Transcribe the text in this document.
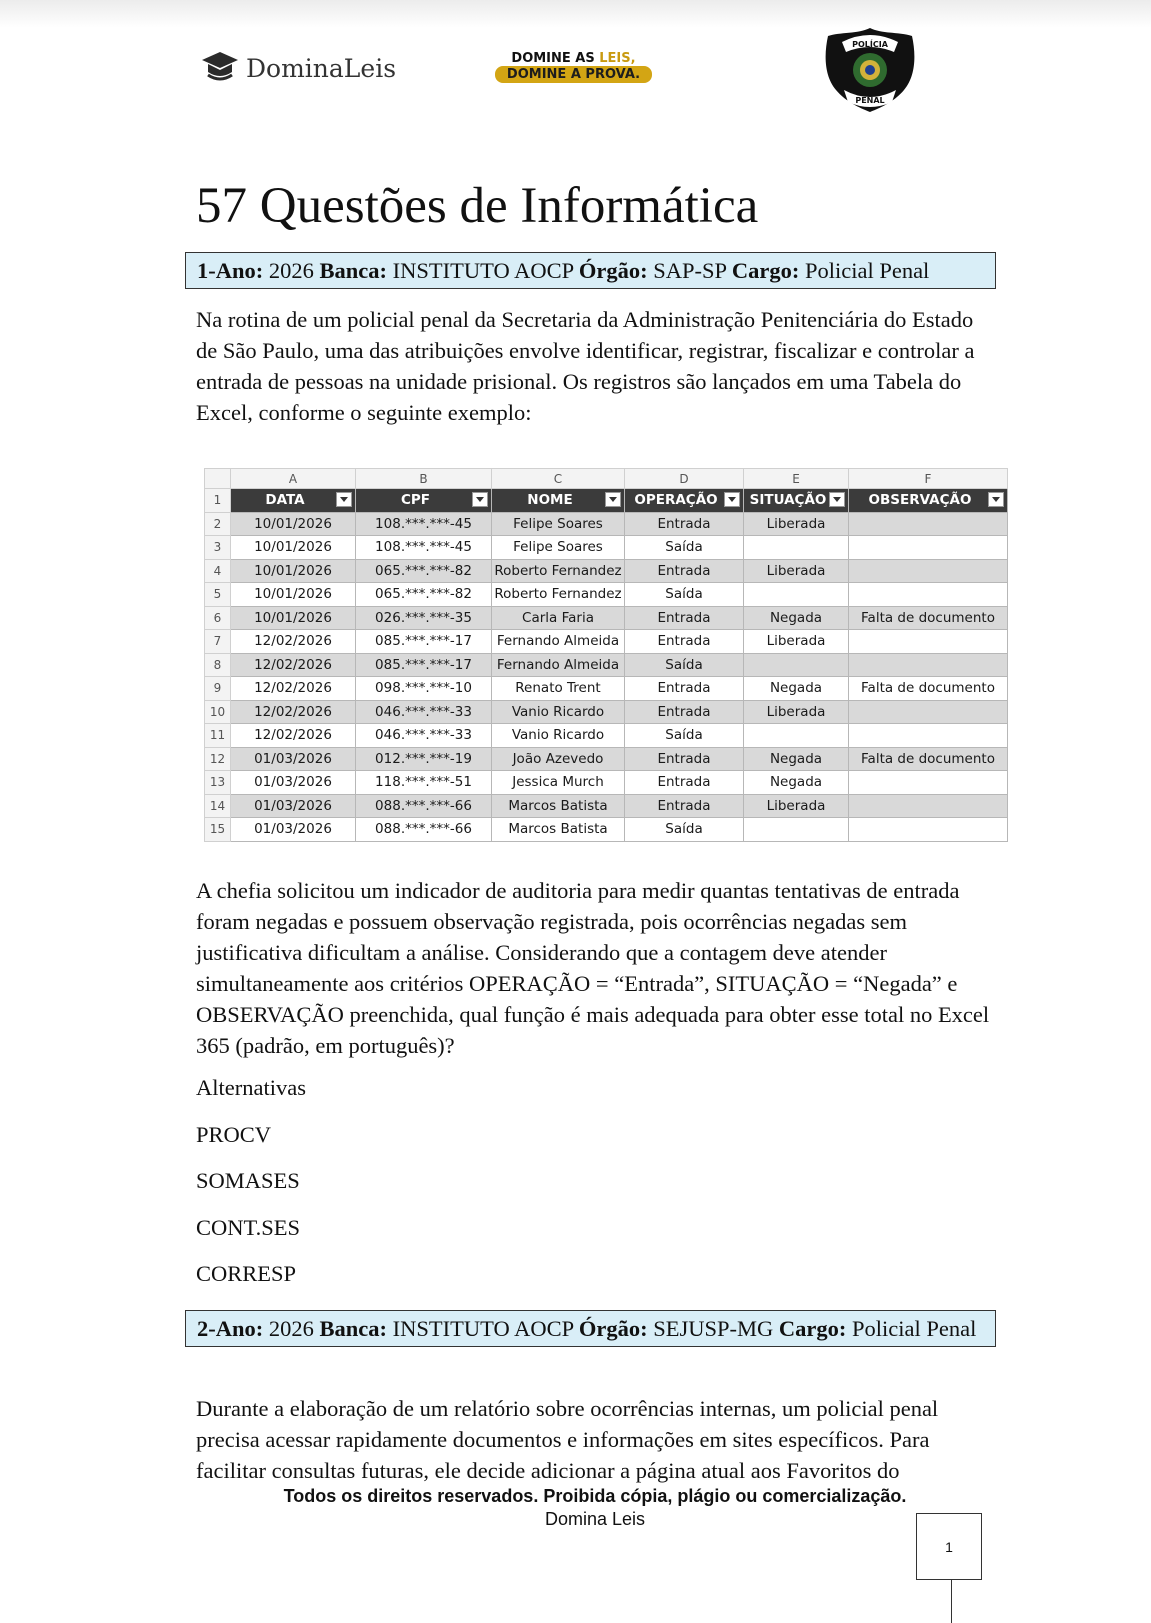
DominaLeis	DOMINE AS LEIS,
DOMINE A PROVA.
POLÍCIA
PENAL
57 Questões de Informática
1-Ano: 2026 Banca: INSTITUTO AOCP Órgão: SAP-SP Cargo: Policial Penal

Na rotina de um policial penal da Secretaria da Administração Penitenciária do Estado de São Paulo, uma das atribuições envolve identificar, registrar, fiscalizar e controlar a entrada de pessoas na unidade prisional. Os registros são lançados em uma Tabela do Excel, conforme o seguinte exemplo:

	A	B	C	D	E	F
1	DATA	CPF	NOME	OPERAÇÃO	SITUAÇÃO	OBSERVAÇÃO

2	10/01/2026	108.***.***-45	Felipe Soares	Entrada	Liberada	
3	10/01/2026	108.***.***-45	Felipe Soares	Saída		
4	10/01/2026	065.***.***-82	Roberto Fernandez	Entrada	Liberada	
5	10/01/2026	065.***.***-82	Roberto Fernandez	Saída		
6	10/01/2026	026.***.***-35	Carla Faria	Entrada	Negada	Falta de documento
7	12/02/2026	085.***.***-17	Fernando Almeida	Entrada	Liberada	
8	12/02/2026	085.***.***-17	Fernando Almeida	Saída		
9	12/02/2026	098.***.***-10	Renato Trent	Entrada	Negada	Falta de documento
10	12/02/2026	046.***.***-33	Vanio Ricardo	Entrada	Liberada	
11	12/02/2026	046.***.***-33	Vanio Ricardo	Saída		
12	01/03/2026	012.***.***-19	João Azevedo	Entrada	Negada	Falta de documento
13	01/03/2026	118.***.***-51	Jessica Murch	Entrada	Negada	
14	01/03/2026	088.***.***-66	Marcos Batista	Entrada	Liberada	
15	01/03/2026	088.***.***-66	Marcos Batista	Saída		

A chefia solicitou um indicador de auditoria para medir quantas tentativas de entrada foram negadas e possuem observação registrada, pois ocorrências negadas sem justificativa dificultam a análise. Considerando que a contagem deve atender simultaneamente aos critérios OPERAÇÃO = “Entrada”, SITUAÇÃO = “Negada” e OBSERVAÇÃO preenchida, qual função é mais adequada para obter esse total no Excel 365 (padrão, em português)?

Alternativas

PROCV

SOMASES

CONT.SES

CORRESP

2-Ano: 2026 Banca: INSTITUTO AOCP Órgão: SEJUSP-MG Cargo: Policial Penal

Durante a elaboração de um relatório sobre ocorrências internas, um policial penal precisa acessar rapidamente documentos e informações em sites específicos. Para facilitar consultas futuras, ele decide adicionar a página atual aos Favoritos do

Todos os direitos reservados. Proibida cópia, plágio ou comercialização.
Domina Leis
1
